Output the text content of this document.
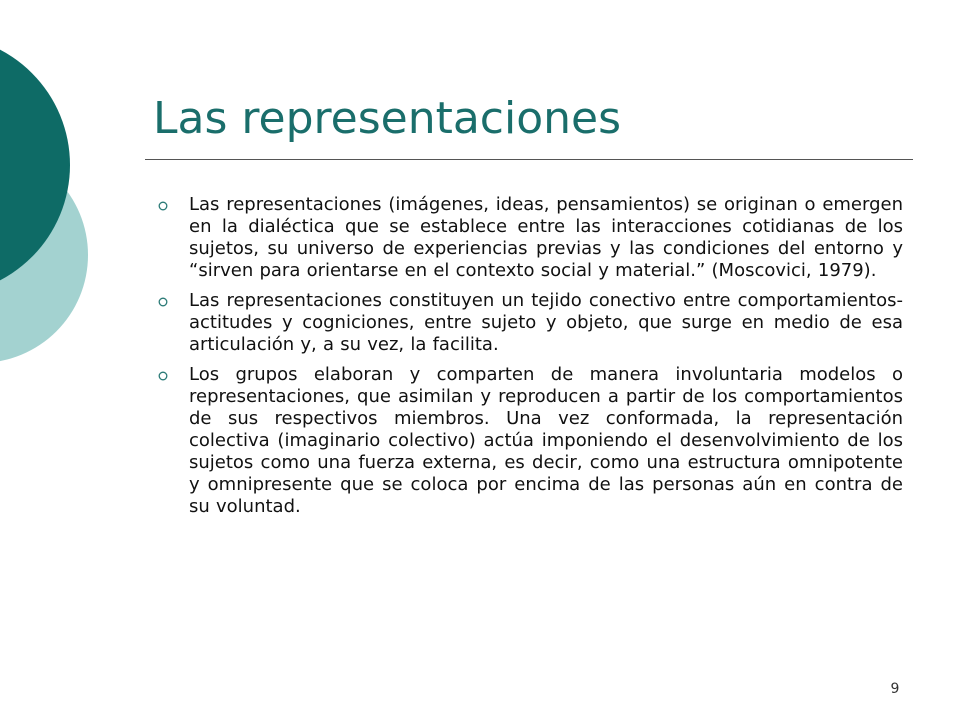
Las representaciones
Las representaciones (imágenes, ideas, pensamientos) se originan o emergen en la dialéctica que se establece entre las interacciones cotidianas de los sujetos, su universo de experiencias previas y las condiciones del entorno y “sirven para orientarse en el contexto social y material.” (Moscovici, 1979).
Las representaciones constituyen un tejido conectivo entre comportamientos- actitudes y cogniciones, entre sujeto y objeto, que surge en medio de esa articulación y, a su vez, la facilita.
Los grupos elaboran y comparten de manera involuntaria modelos o representaciones, que asimilan y reproducen a partir de los comportamientos de sus respectivos miembros. Una vez conformada, la representación colectiva (imaginario colectivo) actúa imponiendo el desenvolvimiento de los sujetos como una fuerza externa, es decir, como una estructura omnipotente y omnipresente que se coloca por encima de las personas aún en contra de su voluntad.
9
